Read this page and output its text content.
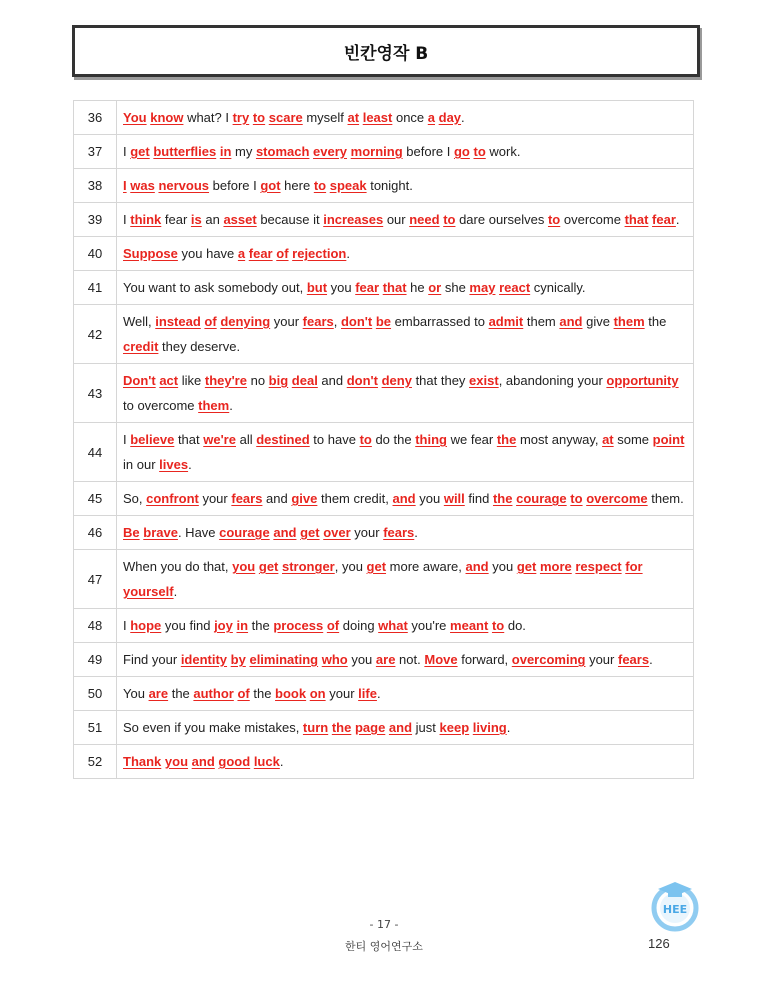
빈칸영작 B
36	You know what? I try to scare myself at least once a day.
37	I get butterflies in my stomach every morning before I go to work.
38	I was nervous before I got here to speak tonight.
39	I think fear is an asset because it increases our need to dare ourselves to overcome that fear.
40	Suppose you have a fear of rejection.
41	You want to ask somebody out, but you fear that he or she may react cynically.
42	Well, instead of denying your fears, don't be embarrassed to admit them and give them the credit they deserve.
43	Don't act like they're no big deal and don't deny that they exist, abandoning your opportunity to overcome them.
44	I believe that we're all destined to have to do the thing we fear the most anyway, at some point in our lives.
45	So, confront your fears and give them credit, and you will find the courage to overcome them.
46	Be brave. Have courage and get over your fears.
47	When you do that, you get stronger, you get more aware, and you get more respect for yourself.
48	I hope you find joy in the process of doing what you're meant to do.
49	Find your identity by eliminating who you are not. Move forward, overcoming your fears.
50	You are the author of the book on your life.
51	So even if you make mistakes, turn the page and just keep living.
52	Thank you and good luck.
HEE
- 17 -
한티 영어연구소	126
